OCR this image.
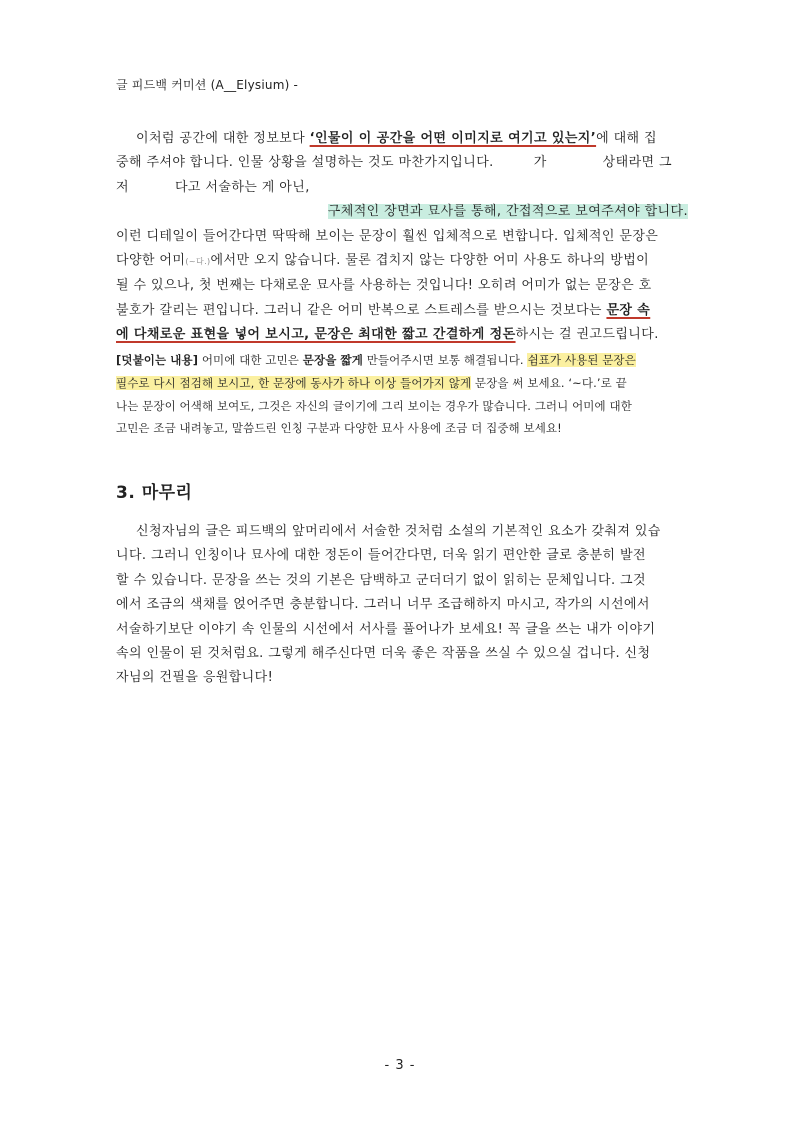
글 피드백 커미션 (A__Elysium) -
이처럼 공간에 대한 정보보다 ‘인물이 이 공간을 어떤 이미지로 여기고 있는지’에 대해 집
중해 주셔야 합니다. 인물 상황을 설명하는 것도 마찬가지입니다.	가	상태라면 그
저	다고 서술하는 게 아닌,
구체적인 장면과 묘사를 통해, 간접적으로 보여주셔야 합니다.
이런 디테일이 들어간다면 딱딱해 보이는 문장이 훨씬 입체적으로 변합니다. 입체적인 문장은
다양한 어미(~다.)에서만 오지 않습니다. 물론 겹치지 않는 다양한 어미 사용도 하나의 방법이
될 수 있으나, 첫 번째는 다채로운 묘사를 사용하는 것입니다! 오히려 어미가 없는 문장은 호
불호가 갈리는 편입니다. 그러니 같은 어미 반복으로 스트레스를 받으시는 것보다는 문장 속
에 다채로운 표현을 넣어 보시고, 문장은 최대한 짧고 간결하게 정돈하시는 걸 권고드립니다.
[덧붙이는 내용] 어미에 대한 고민은 문장을 짧게 만들어주시면 보통 해결됩니다. 쉼표가 사용된 문장은
필수로 다시 점검해 보시고, 한 문장에 동사가 하나 이상 들어가지 않게 문장을 써 보세요. ‘~다.’로 끝
나는 문장이 어색해 보여도, 그것은 자신의 글이기에 그리 보이는 경우가 많습니다. 그러니 어미에 대한
고민은 조금 내려놓고, 말씀드린 인칭 구분과 다양한 묘사 사용에 조금 더 집중해 보세요!
3. 마무리
신청자님의 글은 피드백의 앞머리에서 서술한 것처럼 소설의 기본적인 요소가 갖춰져 있습
니다. 그러니 인칭이나 묘사에 대한 정돈이 들어간다면, 더욱 읽기 편안한 글로 충분히 발전
할 수 있습니다. 문장을 쓰는 것의 기본은 담백하고 군더더기 없이 읽히는 문체입니다. 그것
에서 조금의 색채를 얹어주면 충분합니다. 그러니 너무 조급해하지 마시고, 작가의 시선에서
서술하기보단 이야기 속 인물의 시선에서 서사를 풀어나가 보세요! 꼭 글을 쓰는 내가 이야기
속의 인물이 된 것처럼요. 그렇게 해주신다면 더욱 좋은 작품을 쓰실 수 있으실 겁니다. 신청
자님의 건필을 응원합니다!
- 3 -
